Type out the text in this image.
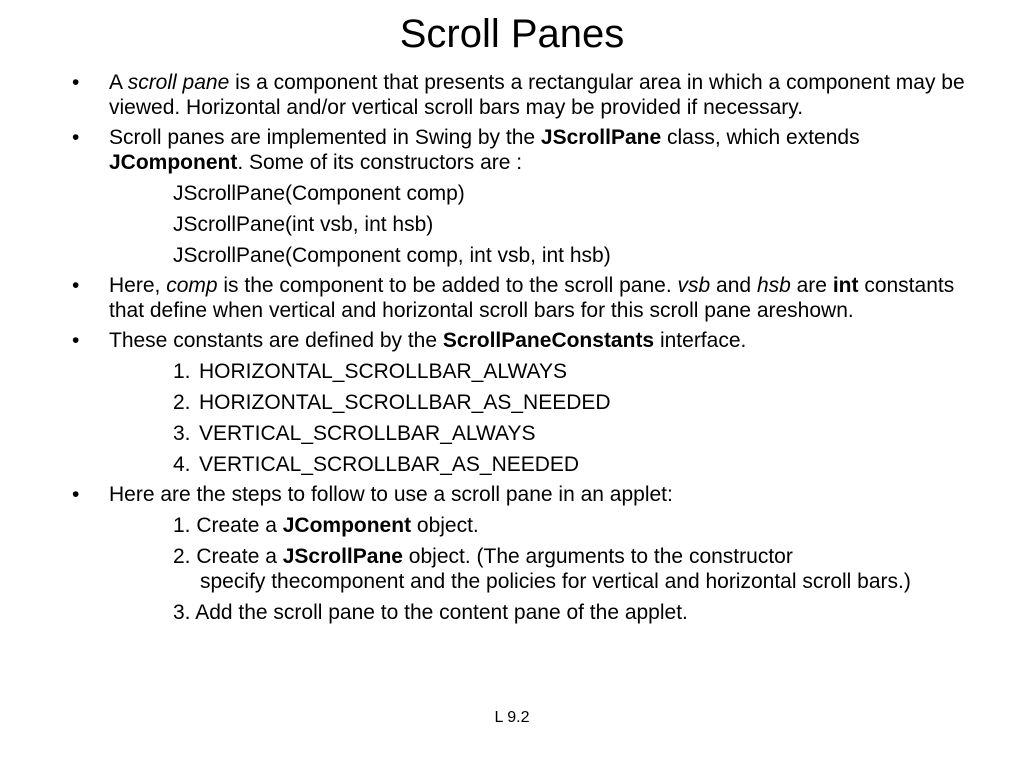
Scroll Panes
•	A scroll pane is a component that presents a rectangular area in which a component may be viewed. Horizontal and/or vertical scroll bars may be provided if necessary.
•	Scroll panes are implemented in Swing by the JScrollPane class, which extends JComponent. Some of its constructors are :
JScrollPane(Component comp)
JScrollPane(int vsb, int hsb)
JScrollPane(Component comp, int vsb, int hsb)
•	Here, comp is the component to be added to the scroll pane. vsb and hsb are int constants that define when vertical and horizontal scroll bars for this scroll pane areshown.
•	These constants are defined by the ScrollPaneConstants interface.
1. HORIZONTAL_SCROLLBAR_ALWAYS
2. HORIZONTAL_SCROLLBAR_AS_NEEDED
3. VERTICAL_SCROLLBAR_ALWAYS
4. VERTICAL_SCROLLBAR_AS_NEEDED
•	Here are the steps to follow to use a scroll pane in an applet:
1. Create a JComponent object.
2. Create a JScrollPane object. (The arguments to the constructor
specify thecomponent and the policies for vertical and horizontal scroll bars.)
3. Add the scroll pane to the content pane of the applet.
L 9.2
